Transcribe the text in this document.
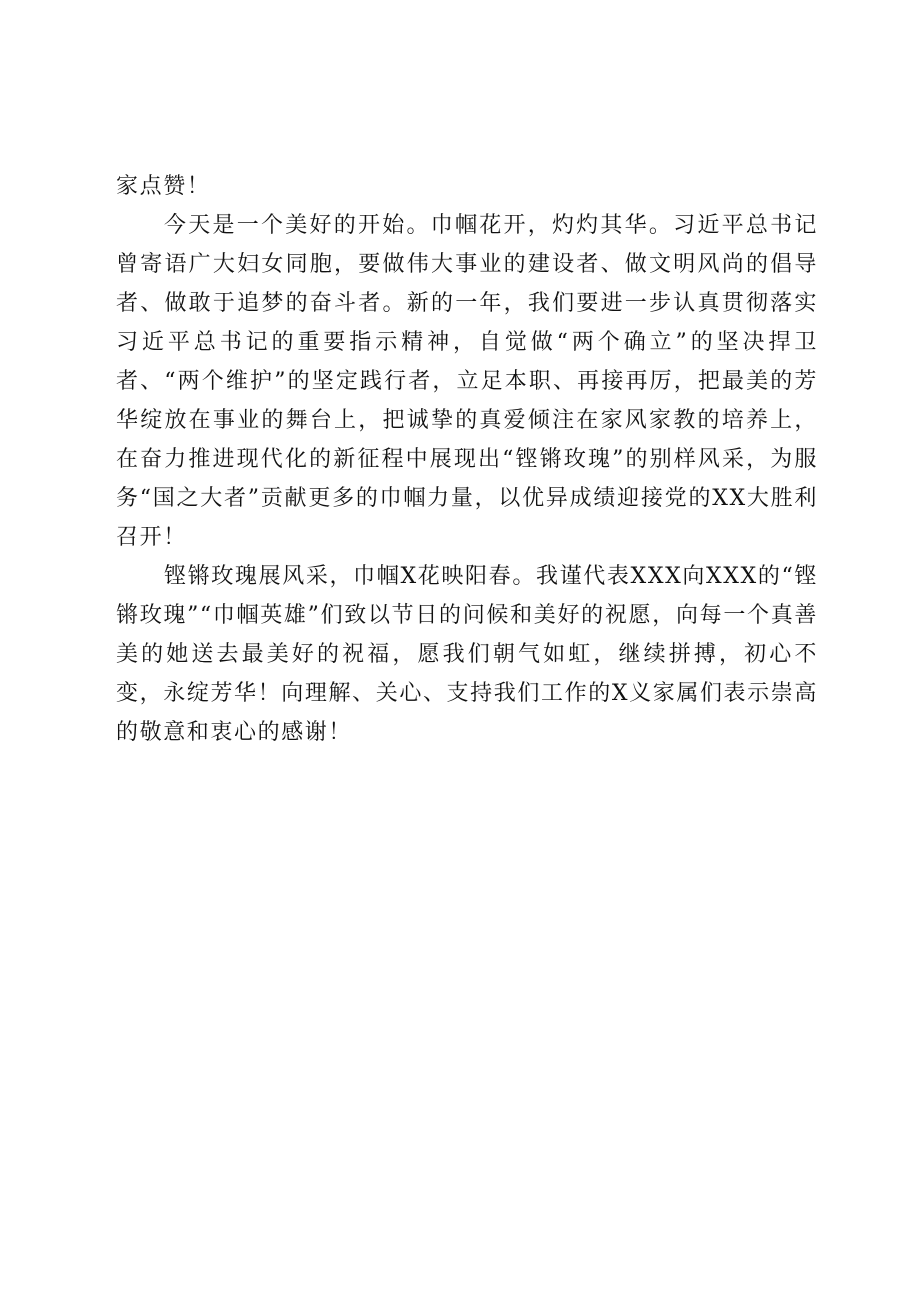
家点赞！

今天是一个美好的开始。巾帼花开，灼灼其华。习近平总书记曾寄语广大妇女同胞，要做伟大事业的建设者、做文明风尚的倡导者、做敢于追梦的奋斗者。新的一年，我们要进一步认真贯彻落实习近平总书记的重要指示精神，自觉做“两个确立”的坚决捍卫者、“两个维护”的坚定践行者，立足本职、再接再厉，把最美的芳华绽放在事业的舞台上，把诚挚的真爱倾注在家风家教的培养上，在奋力推进现代化的新征程中展现出“铿锵玫瑰”的别样风采，为服务“国之大者”贡献更多的巾帼力量，以优异成绩迎接党的XX大胜利召开！

铿锵玫瑰展风采，巾帼X花映阳春。我谨代表XXX向XXX的“铿锵玫瑰”“巾帼英雄”们致以节日的问候和美好的祝愿，向每一个真善美的她送去最美好的祝福，愿我们朝气如虹，继续拼搏，初心不变，永绽芳华！向理解、关心、支持我们工作的X义家属们表示崇高的敬意和衷心的感谢！
